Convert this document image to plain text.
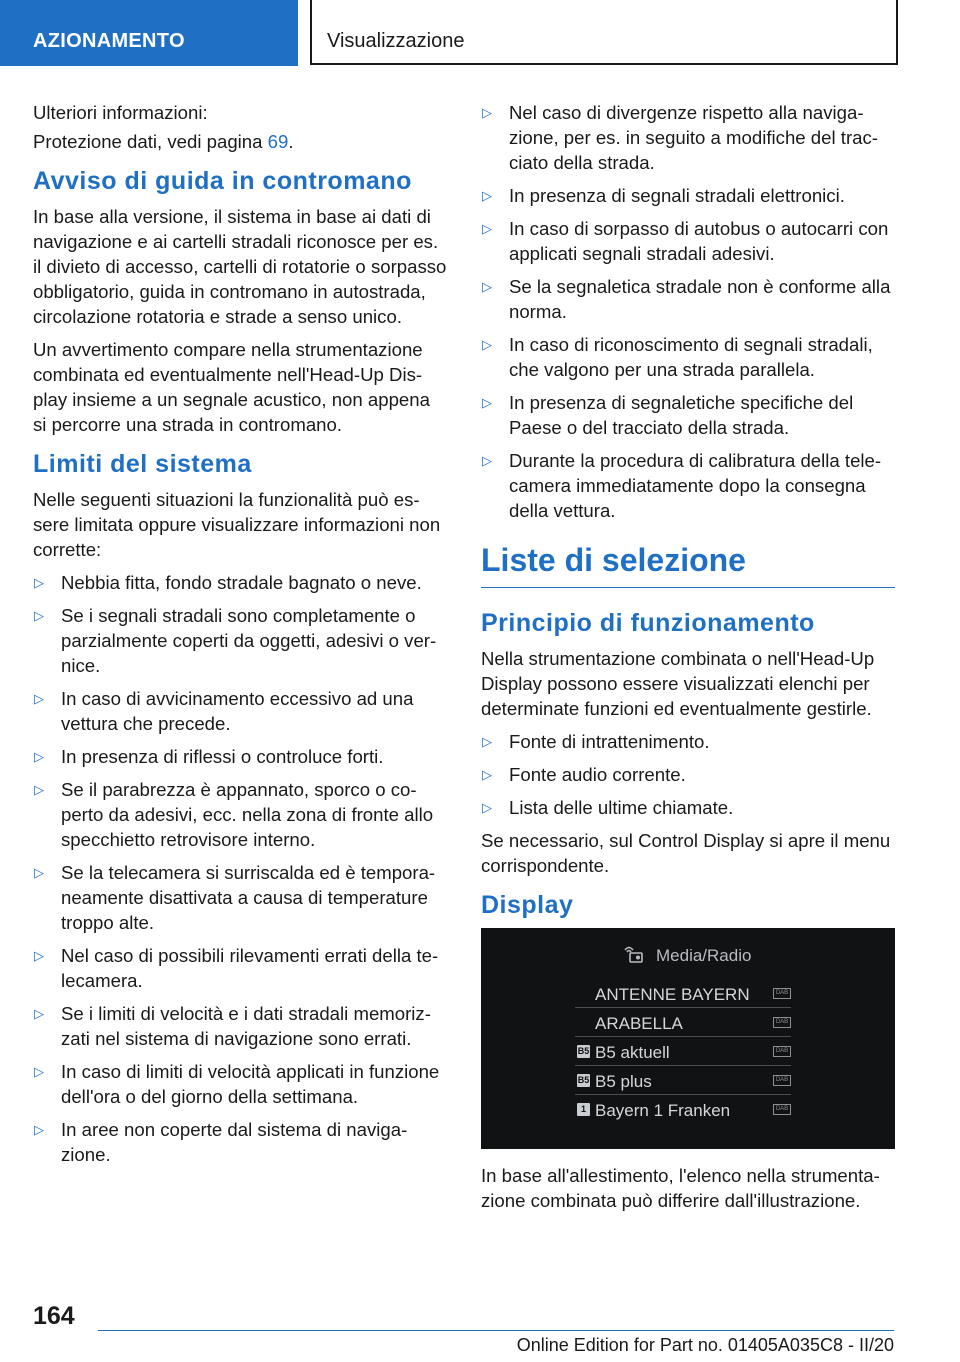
AZIONAMENTO	Visualizzazione

Ulteriori informazioni:

Protezione dati, vedi pagina 69.

Avviso di guida in contromano

In base alla versione, il sistema in base ai dati di navigazione e ai cartelli stradali riconosce per es. il divieto di accesso, cartelli di rotatorie o sorpasso obbligatorio, guida in contromano in autostrada, circolazione rotatoria e strade a senso unico.

Un avvertimento compare nella strumentazione combinata ed eventualmente nell'Head-Up Display insieme a un segnale acustico, non appena si percorre una strada in contromano.

Limiti del sistema

Nelle seguenti situazioni la funzionalità può essere limitata oppure visualizzare informazioni non corrette:

▷ Nebbia fitta, fondo stradale bagnato o neve.
▷ Se i segnali stradali sono completamente o parzialmente coperti da oggetti, adesivi o vernice.
▷ In caso di avvicinamento eccessivo ad una vettura che precede.
▷ In presenza di riflessi o controluce forti.
▷ Se il parabrezza è appannato, sporco o coperto da adesivi, ecc. nella zona di fronte allo specchietto retrovisore interno.
▷ Se la telecamera si surriscalda ed è temporaneamente disattivata a causa di temperature troppo alte.
▷ Nel caso di possibili rilevamenti errati della telecamera.
▷ Se i limiti di velocità e i dati stradali memorizzati nel sistema di navigazione sono errati.
▷ In caso di limiti di velocità applicati in funzione dell'ora o del giorno della settimana.
▷ In aree non coperte dal sistema di navigazione.
▷ Nel caso di divergenze rispetto alla navigazione, per es. in seguito a modifiche del tracciato della strada.
▷ In presenza di segnali stradali elettronici.
▷ In caso di sorpasso di autobus o autocarri con applicati segnali stradali adesivi.
▷ Se la segnaletica stradale non è conforme alla norma.
▷ In caso di riconoscimento di segnali stradali, che valgono per una strada parallela.
▷ In presenza di segnaletiche specifiche del Paese o del tracciato della strada.
▷ Durante la procedura di calibratura della telecamera immediatamente dopo la consegna della vettura.
Liste di selezione
Principio di funzionamento

Nella strumentazione combinata o nell'Head-Up Display possono essere visualizzati elenchi per determinate funzioni ed eventualmente gestirle.

▷ Fonte di intrattenimento.
▷ Fonte audio corrente.
▷ Lista delle ultime chiamate.

Se necessario, sul Control Display si apre il menu corrispondente.

Display
Media/Radio
ANTENNE BAYERN
ARABELLA
B5 B5 aktuell
B5 B5 plus
1 Bayern 1 Franken
DAB
DAB
DAB
DAB
DAB

In base all'allestimento, l'elenco nella strumentazione combinata può differire dall'illustrazione.

164
Online Edition for Part no. 01405A035C8 - II/20
